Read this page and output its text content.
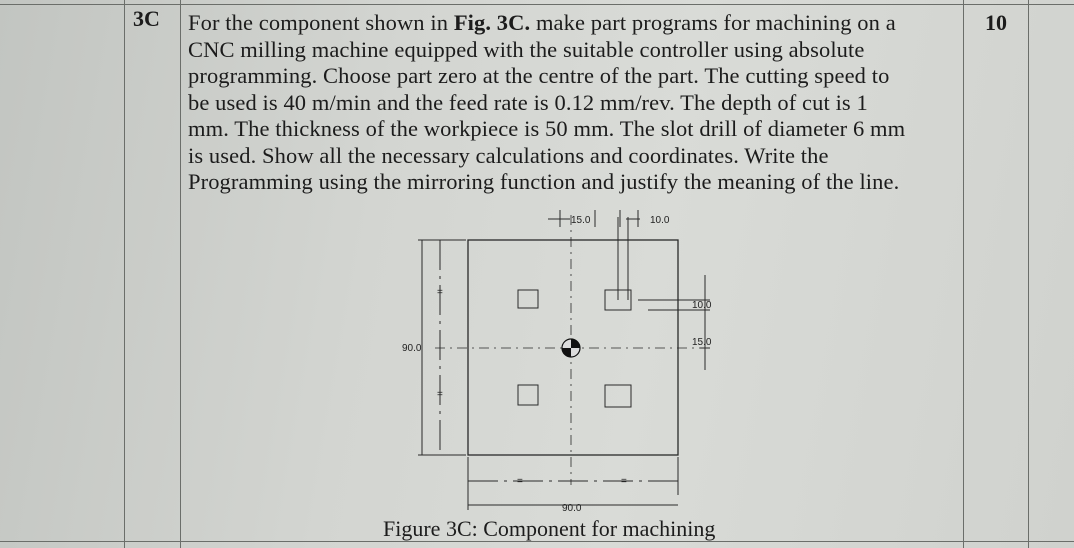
3C	10
For the component shown in Fig. 3C. make part programs for machining on a
CNC milling machine equipped with the suitable controller using absolute
programming. Choose part zero at the centre of the part. The cutting speed to
be used is 40 m/min and the feed rate is 0.12 mm/rev. The depth of cut is 1
mm. The thickness of the workpiece is 50 mm. The slot drill of diameter 6 mm
is used. Show all the necessary calculations and coordinates. Write the
Programming using the mirroring function and justify the meaning of the line.
15.0	10.0
90.0
10.0
15.0
90.0
=
=
=	=
Figure 3C: Component for machining
